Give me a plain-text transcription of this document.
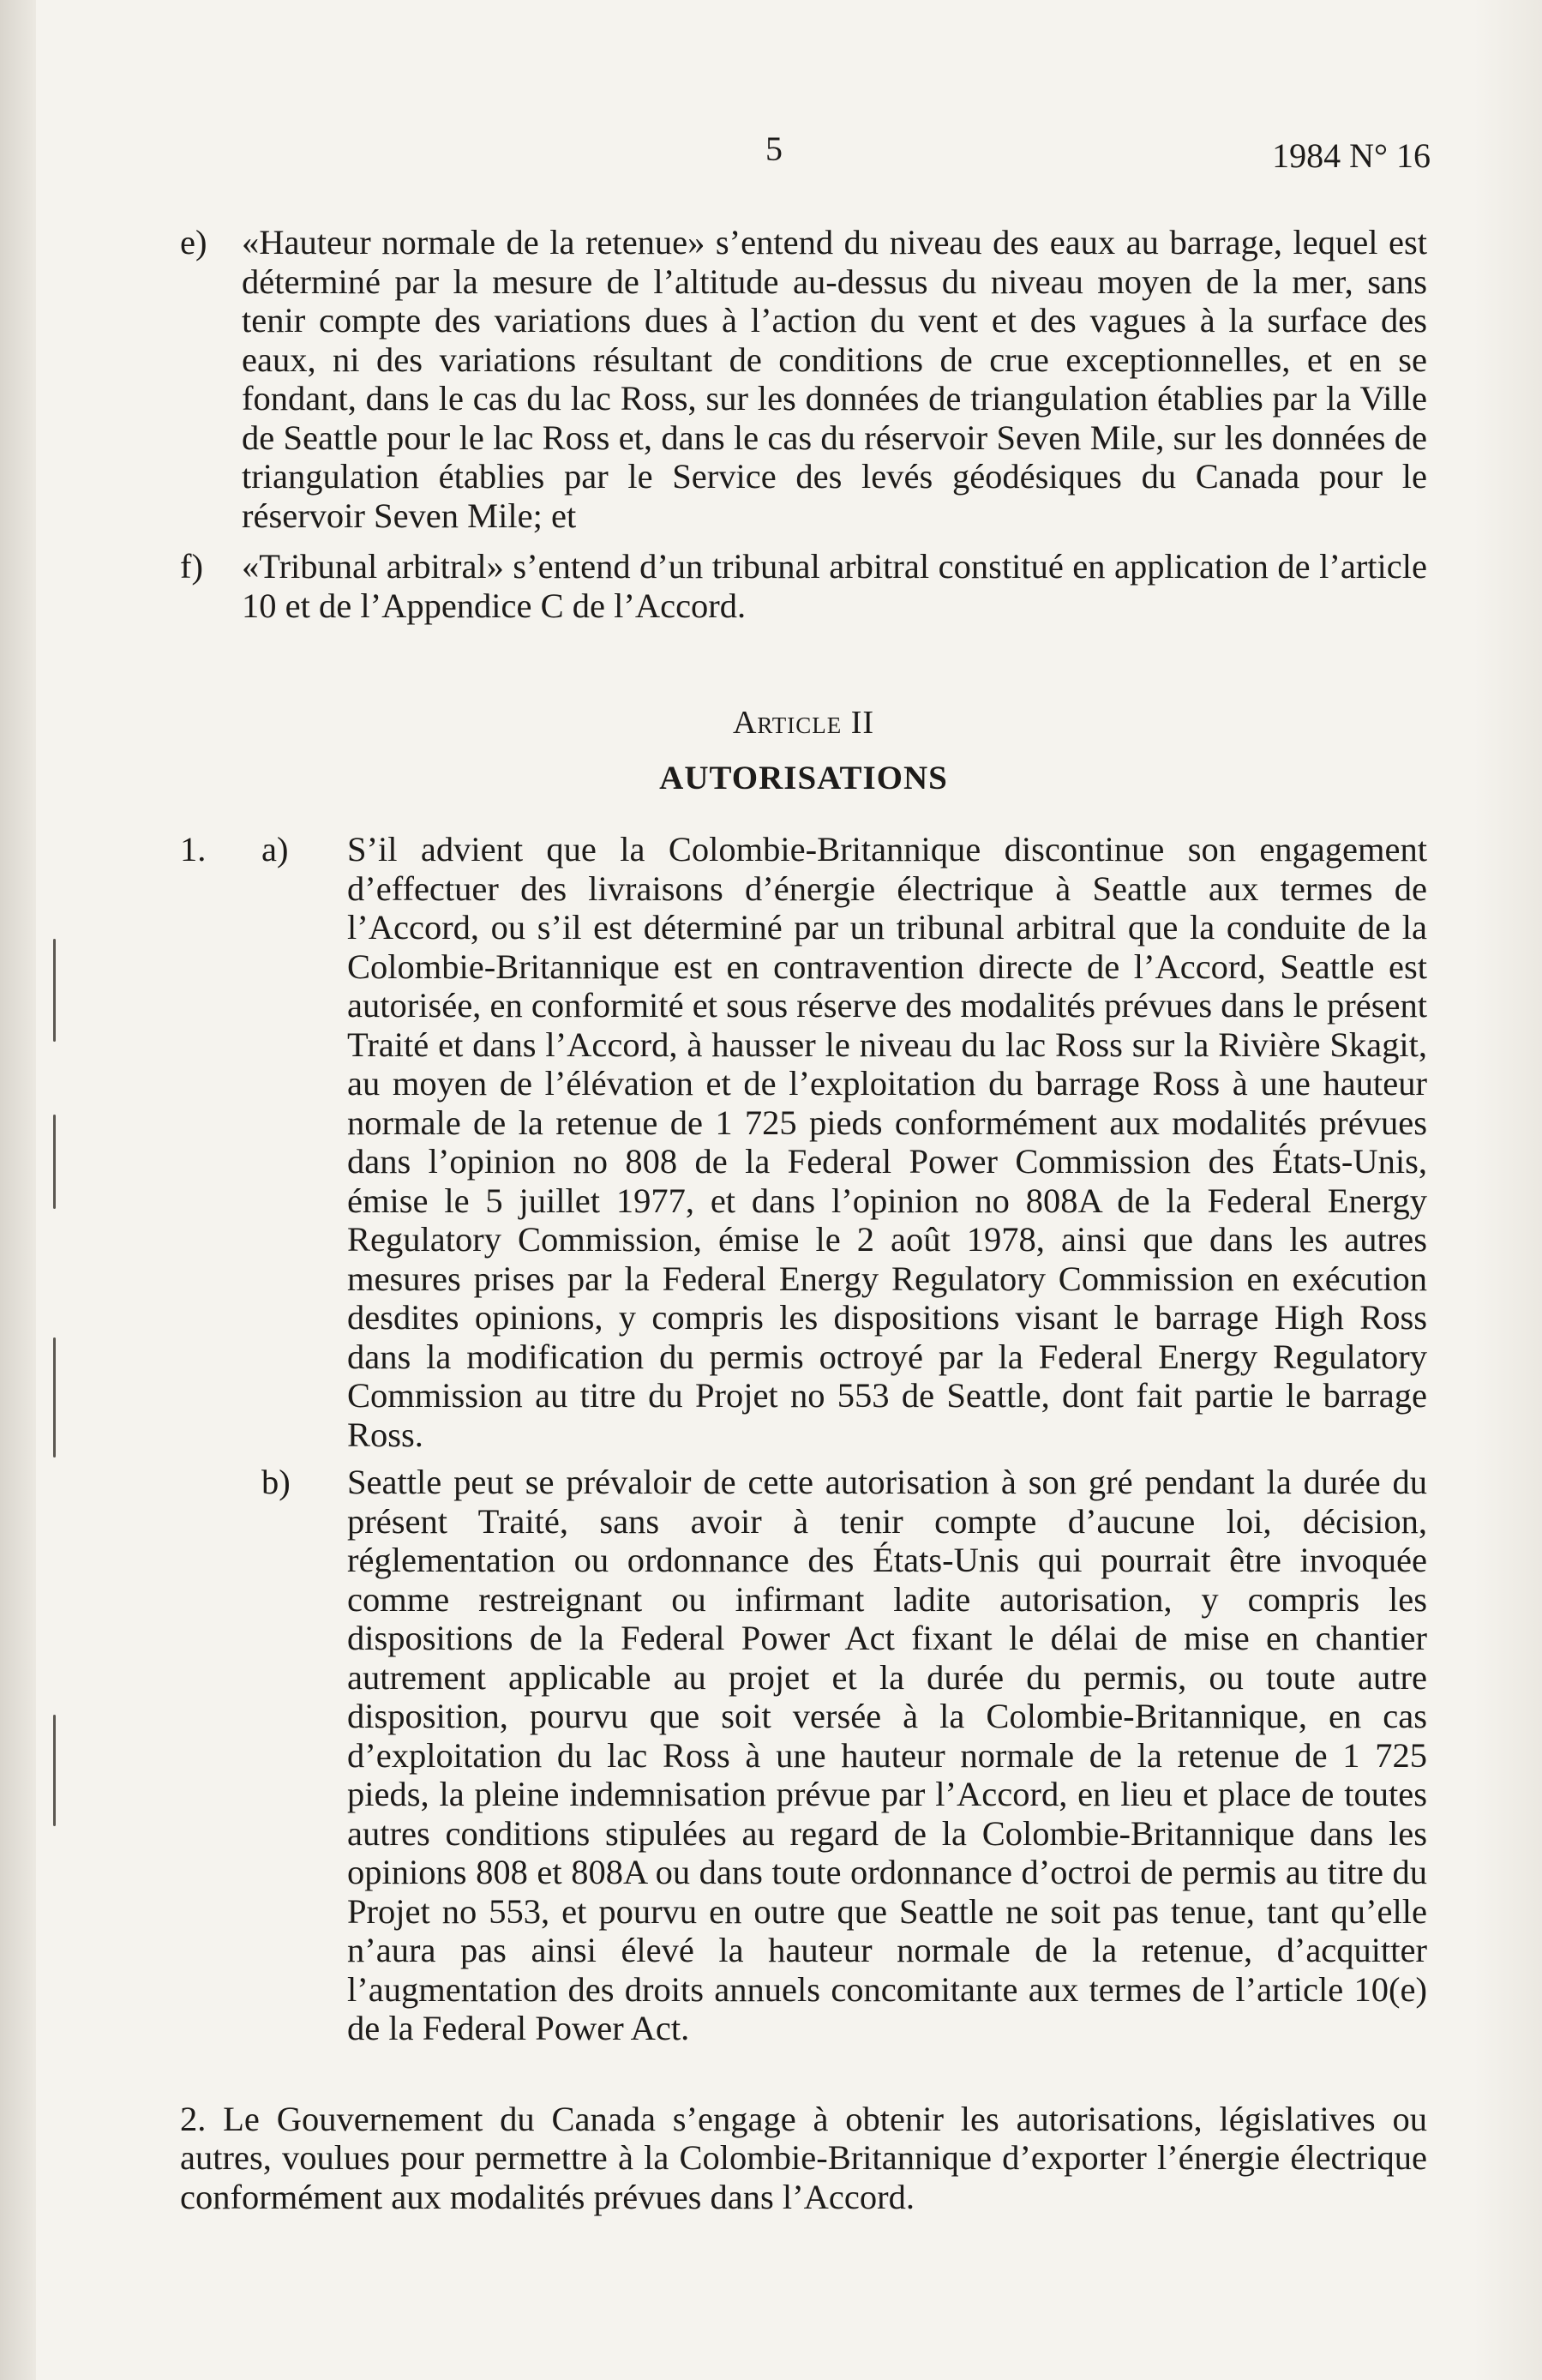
5	1984 N° 16

e) «Hauteur normale de la retenue» s’entend du niveau des eaux au barrage, lequel est déterminé par la mesure de l’altitude au-dessus du niveau moyen de la mer, sans tenir compte des variations dues à l’action du vent et des vagues à la surface des eaux, ni des variations résultant de conditions de crue exceptionnelles, et en se fondant, dans le cas du lac Ross, sur les données de triangulation établies par la Ville de Seattle pour le lac Ross et, dans le cas du réservoir Seven Mile, sur les données de triangulation établies par le Service des levés géodésiques du Canada pour le réservoir Seven Mile; et

f) «Tribunal arbitral» s’entend d’un tribunal arbitral constitué en application de l’article 10 et de l’Appendice C de l’Accord.

Article II
AUTORISATIONS
1. a) S’il advient que la Colombie-Britannique discontinue son engagement d’effectuer des livraisons d’énergie électrique à Seattle aux termes de l’Accord, ou s’il est déterminé par un tribunal arbitral que la conduite de la Colombie-Britannique est en contravention directe de l’Accord, Seattle est autorisée, en conformité et sous réserve des modalités prévues dans le présent Traité et dans l’Accord, à hausser le niveau du lac Ross sur la Rivière Skagit, au moyen de l’élévation et de l’exploitation du barrage Ross à une hauteur normale de la retenue de 1 725 pieds conformément aux modalités prévues dans l’opinion no 808 de la Federal Power Commission des États-Unis, émise le 5 juillet 1977, et dans l’opinion no 808A de la Federal Energy Regulatory Commission, émise le 2 août 1978, ainsi que dans les autres mesures prises par la Federal Energy Regulatory Commission en exécution desdites opinions, y compris les dispositions visant le barrage High Ross dans la modification du permis octroyé par la Federal Energy Regulatory Commission au titre du Projet no 553 de Seattle, dont fait partie le barrage Ross.

b) Seattle peut se prévaloir de cette autorisation à son gré pendant la durée du présent Traité, sans avoir à tenir compte d’aucune loi, décision, réglementation ou ordonnance des États-Unis qui pourrait être invoquée comme restreignant ou infirmant ladite autorisation, y compris les dispositions de la Federal Power Act fixant le délai de mise en chantier autrement applicable au projet et la durée du permis, ou toute autre disposition, pourvu que soit versée à la Colombie-Britannique, en cas d’exploitation du lac Ross à une hauteur normale de la retenue de 1 725 pieds, la pleine indemnisation prévue par l’Accord, en lieu et place de toutes autres conditions stipulées au regard de la Colombie-Britannique dans les opinions 808 et 808A ou dans toute ordonnance d’octroi de permis au titre du Projet no 553, et pourvu en outre que Seattle ne soit pas tenue, tant qu’elle n’aura pas ainsi élevé la hauteur normale de la retenue, d’acquitter l’augmentation des droits annuels concomitante aux termes de l’article 10(e) de la Federal Power Act.

2. Le Gouvernement du Canada s’engage à obtenir les autorisations, législatives ou autres, voulues pour permettre à la Colombie-Britannique d’exporter l’énergie électrique conformément aux modalités prévues dans l’Accord.
